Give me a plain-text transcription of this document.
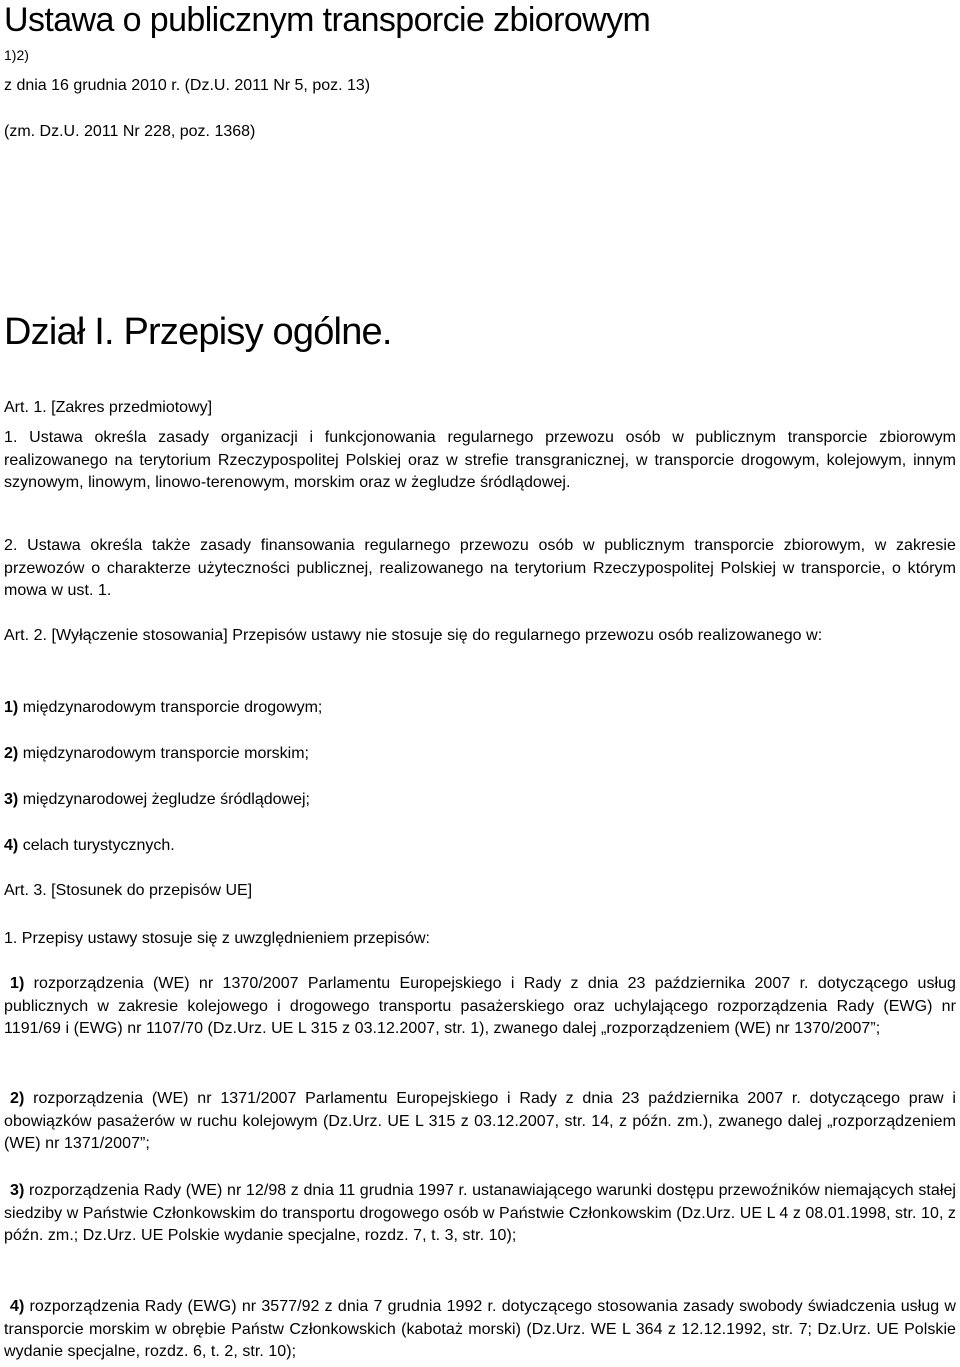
Ustawa o publicznym transporcie zbiorowym
1)2)
z dnia 16 grudnia 2010 r. (Dz.U. 2011 Nr 5, poz. 13)
(zm. Dz.U. 2011 Nr 228, poz. 1368)
Dział I. Przepisy ogólne.
Art. 1. [Zakres przedmiotowy]

1. Ustawa określa zasady organizacji i funkcjonowania regularnego przewozu osób w publicznym transporcie zbiorowym realizowanego na terytorium Rzeczypospolitej Polskiej oraz w strefie transgranicznej, w transporcie drogowym, kolejowym, innym szynowym, linowym, linowo-terenowym, morskim oraz w żegludze śródlądowej.

2. Ustawa określa także zasady finansowania regularnego przewozu osób w publicznym transporcie zbiorowym, w zakresie przewozów o charakterze użyteczności publicznej, realizowanego na terytorium Rzeczypospolitej Polskiej w transporcie, o którym mowa w ust. 1.

Art. 2. [Wyłączenie stosowania] Przepisów ustawy nie stosuje się do regularnego przewozu osób realizowanego w:

1) międzynarodowym transporcie drogowym;
2) międzynarodowym transporcie morskim;
3) międzynarodowej żegludze śródlądowej;
4) celach turystycznych.
Art. 3. [Stosunek do przepisów UE]
1. Przepisy ustawy stosuje się z uwzględnieniem przepisów:

1) rozporządzenia (WE) nr 1370/2007 Parlamentu Europejskiego i Rady z dnia 23 października 2007 r. dotyczącego usług publicznych w zakresie kolejowego i drogowego transportu pasażerskiego oraz uchylającego rozporządzenia Rady (EWG) nr 1191/69 i (EWG) nr 1107/70 (Dz.Urz. UE L 315 z 03.12.2007, str. 1), zwanego dalej „rozporządzeniem (WE) nr 1370/2007”;

2) rozporządzenia (WE) nr 1371/2007 Parlamentu Europejskiego i Rady z dnia 23 października 2007 r. dotyczącego praw i obowiązków pasażerów w ruchu kolejowym (Dz.Urz. UE L 315 z 03.12.2007, str. 14, z późn. zm.), zwanego dalej „rozporządzeniem (WE) nr 1371/2007”;

3) rozporządzenia Rady (WE) nr 12/98 z dnia 11 grudnia 1997 r. ustanawiającego warunki dostępu przewoźników niemających stałej siedziby w Państwie Członkowskim do transportu drogowego osób w Państwie Członkowskim (Dz.Urz. UE L 4 z 08.01.1998, str. 10, z późn. zm.; Dz.Urz. UE Polskie wydanie specjalne, rozdz. 7, t. 3, str. 10);

4) rozporządzenia Rady (EWG) nr 3577/92 z dnia 7 grudnia 1992 r. dotyczącego stosowania zasady swobody świadczenia usług w transporcie morskim w obrębie Państw Członkowskich (kabotaż morski) (Dz.Urz. WE L 364 z 12.12.1992, str. 7; Dz.Urz. UE Polskie wydanie specjalne, rozdz. 6, t. 2, str. 10);
